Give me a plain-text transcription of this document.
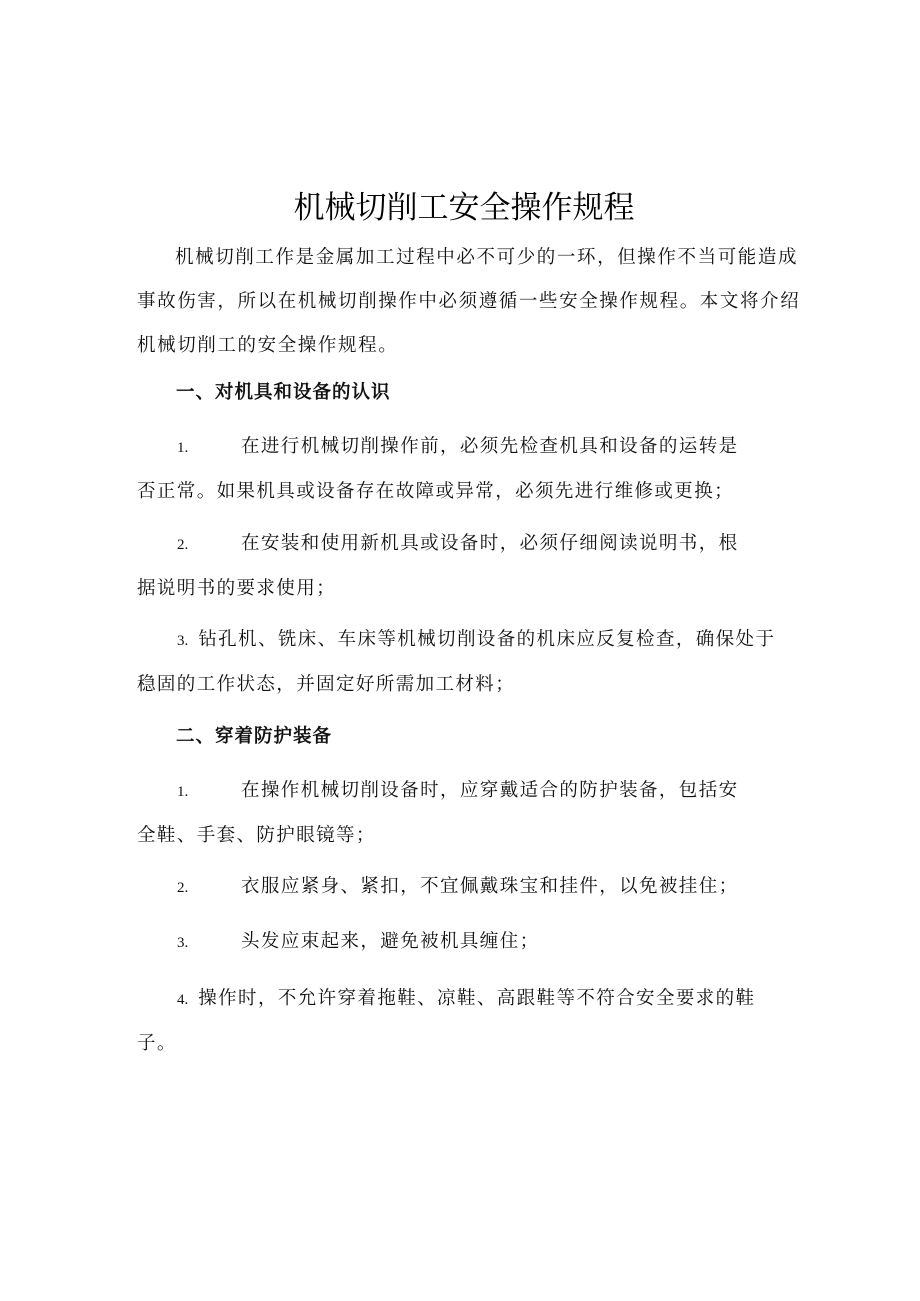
机械切削工安全操作规程

机械切削工作是金属加工过程中必不可少的一环，但操作不当可能造成事故伤害，所以在机械切削操作中必须遵循一些安全操作规程。本文将介绍机械切削工的安全操作规程。

一、对机具和设备的认识

1.	在进行机械切削操作前，必须先检查机具和设备的运转是
否正常。如果机具或设备存在故障或异常，必须先进行维修或更换；

2.	在安装和使用新机具或设备时，必须仔细阅读说明书，根
据说明书的要求使用；

3. 钻孔机、铣床、车床等机械切削设备的机床应反复检查，确保处于
稳固的工作状态，并固定好所需加工材料；

二、穿着防护装备

1.	在操作机械切削设备时，应穿戴适合的防护装备，包括安
全鞋、手套、防护眼镜等；

2.	衣服应紧身、紧扣，不宜佩戴珠宝和挂件，以免被挂住；

3.	头发应束起来，避免被机具缠住；

4. 操作时，不允许穿着拖鞋、凉鞋、高跟鞋等不符合安全要求的鞋
子。
